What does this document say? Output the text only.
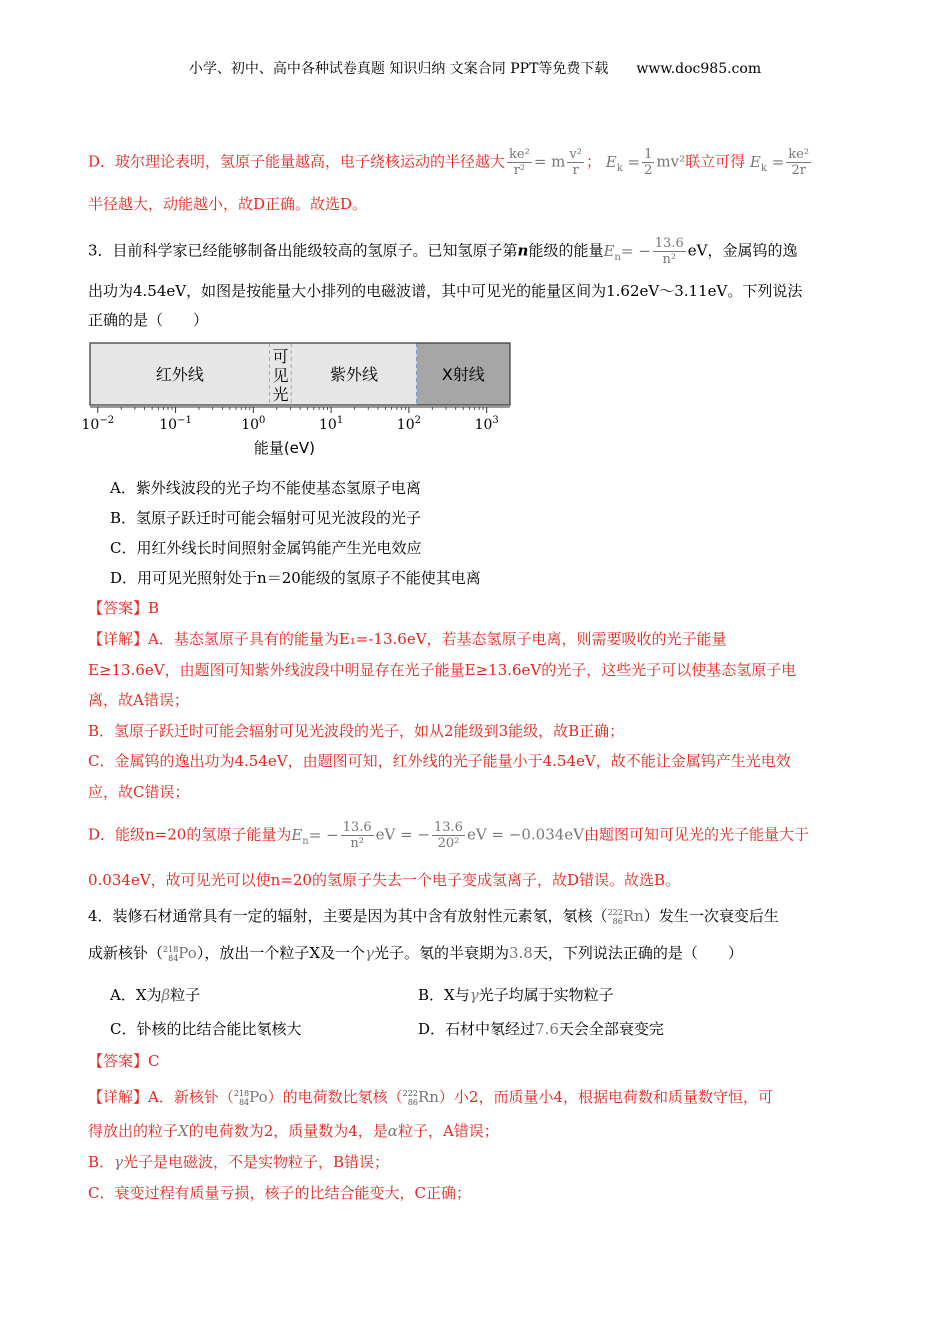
小学、初中、高中各种试卷真题 知识归纳 文案合同 PPT等免费下载　　www.doc985.com
D．玻尔理论表明，氢原子能量越高，电子绕核运动的半径越大 $\frac{\text{ke²}}{\text{r²}} = m \frac{\text{v²}}{r}$ ； $E_k = \frac{1}{2} mv^2$联立可得 $E_k = \frac{\text{ke²}}{2r}$
半径越大，动能越小，故D正确。故选D。
3．目前科学家已经能够制备出能级较高的氢原子。已知氢原子第n能级的能量$E_n= - \frac{13.6}{\text{n²}}$ eV，金属钨的逸
出功为4.54eV，如图是按能量大小排列的电磁波谱，其中可见光的能量区间为1.62eV～3.11eV。下列说法
正确的是（　　）
红外线
可
见
光
紫外线	X射线
$10^{-2}$	$10^{-1}$	$10^0$	$10^1$	$10^2$	$10^3$
能量(eV)
A．紫外线波段的光子均不能使基态氢原子电离
B．氢原子跃迁时可能会辐射可见光波段的光子
C．用红外线长时间照射金属钨能产生光电效应
D．用可见光照射处于n＝20能级的氢原子不能使其电离
【答案】B
【详解】A．基态氢原子具有的能量为E₁=-13.6eV，若基态氢原子电离，则需要吸收的光子能量
E≥13.6eV，由题图可知紫外线波段中明显存在光子能量E≥13.6eV的光子，这些光子可以使基态氢原子电
离，故A错误；
B．氢原子跃迁时可能会辐射可见光波段的光子，如从2能级到3能级，故B正确；
C．金属钨的逸出功为4.54eV，由题图可知，红外线的光子能量小于4.54eV，故不能让金属钨产生光电效
应，故C错误；
D．能级n=20的氢原子能量为$E_n= - \frac{13.6}{\text{n²}}$ eV = − $\frac{13.6}{\text{20²}}$ eV = −0.034eV由题图可知可见光的光子能量大于
0.034eV，故可见光可以使n=20的氢原子失去一个电子变成氢离子，故D错误。故选B。
4．装修石材通常具有一定的辐射，主要是因为其中含有放射性元素氡，氡核（222
86Rn）发生一次衰变后生
成新核钋（218
84Po），放出一个粒子X及一个γ光子。氡的半衰期为3.8天，下列说法正确的是（　　）
A．X为β粒子	B．X与γ光子均属于实物粒子
C．钋核的比结合能比氡核大	D．石材中氡经过7.6天会全部衰变完
【答案】C
【详解】A．新核钋（218
84Po）的电荷数比氡核（222
86Rn）小2，而质量小4，根据电荷数和质量数守恒，可
得放出的粒子X的电荷数为2，质量数为4，是α粒子，A错误；
B．γ光子是电磁波，不是实物粒子，B错误；
C．衰变过程有质量亏损，核子的比结合能变大，C正确；
